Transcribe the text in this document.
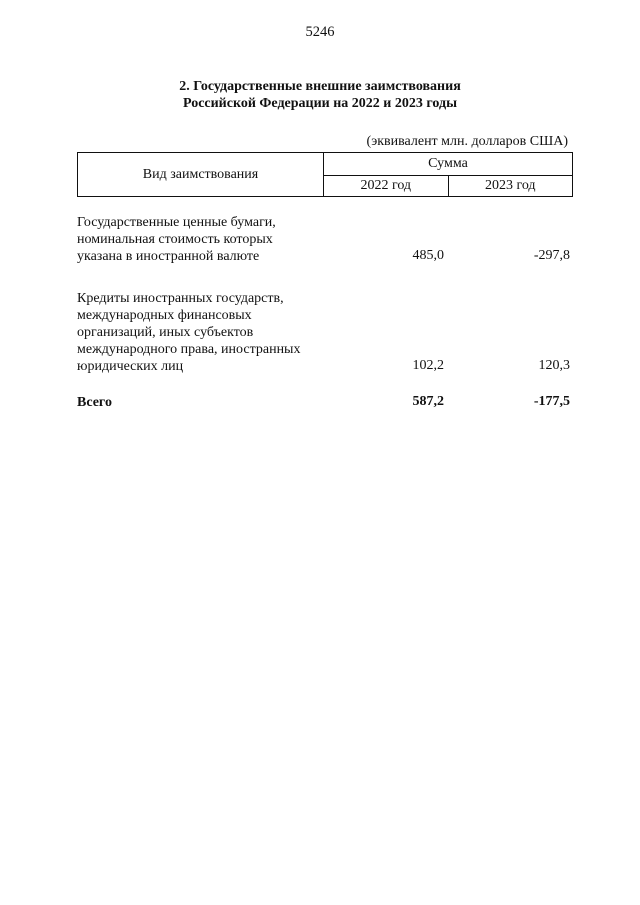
5246
2. Государственные внешние заимствования
Российской Федерации на 2022 и 2023 годы
(эквивалент млн. долларов США)
Вид заимствования	Сумма	
	2022 год	2023 год
Государственные ценные бумаги,
номинальная стоимость которых
указана в иностранной валюте	485,0	-297,8
Кредиты иностранных государств,
международных финансовых
организаций, иных субъектов
международного права, иностранных
юридических лиц	102,2	120,3
Всего	587,2	-177,5
